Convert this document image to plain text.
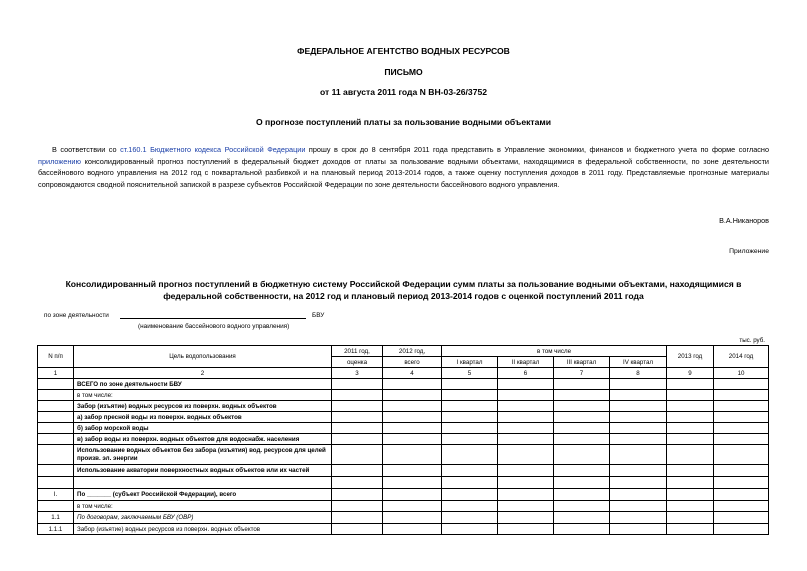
ФЕДЕРАЛЬНОЕ АГЕНТСТВО ВОДНЫХ РЕСУРСОВ
ПИСЬМО
от 11 августа 2011 года N ВН-03-26/3752
О прогнозе поступлений платы за пользование водными объектами
В соответствии со ст.160.1 Бюджетного кодекса Российской Федерации прошу в срок до 8 сентября 2011 года представить в Управление экономики, финансов и бюджетного учета по форме согласно приложению консолидированный прогноз поступлений в федеральный бюджет доходов от платы за пользование водными объектами, находящимися в федеральной собственности, по зоне деятельности бассейнового водного управления на 2012 год с поквартальной разбивкой и на плановый период 2013-2014 годов, а также оценку поступления доходов в 2011 году. Представляемые прогнозные материалы сопровождаются сводной пояснительной запиской в разрезе субъектов Российской Федерации по зоне деятельности бассейнового водного управления.
В.А.Никаноров
Приложение
Консолидированный прогноз поступлений в бюджетную систему Российской Федерации сумм платы за пользование водными объектами, находящимися в федеральной собственности, на 2012 год и плановый период 2013-2014 годов с оценкой поступлений 2011 года
по зоне деятельности	БВУ
(наименование бассейнового водного управления)
тыс. руб.
N п/п	Цель водопользования	2011 год,	2012 год,	в том числе				2013 год	2014 год
		оценка	всего	I квартал	II квартал	III квартал	IV квартал		
1	2	3	4	5	6	7	8	9	10
	ВСЕГО по зоне деятельности БВУ								
	в том числе:								
	Забор (изъятие) водных ресурсов из поверхн. водных объектов								
	а) забор пресной воды из поверхн. водных объектов								
	б) забор морской воды								
	в) забор воды из поверхн. водных объектов для водоснабж. населения								
	Использование водных объектов без забора (изъятия) вод. ресурсов для целей произв. эл. энергии								
	Использование акватории поверхностных водных объектов или их частей								

I.	По _______ (субъект Российской Федерации), всего								
	в том числе:								
1.1	По договорам, заключаемым БВУ (ОВР)								
1.1.1	Забор (изъятие) водных ресурсов из поверхн. водных объектов								
